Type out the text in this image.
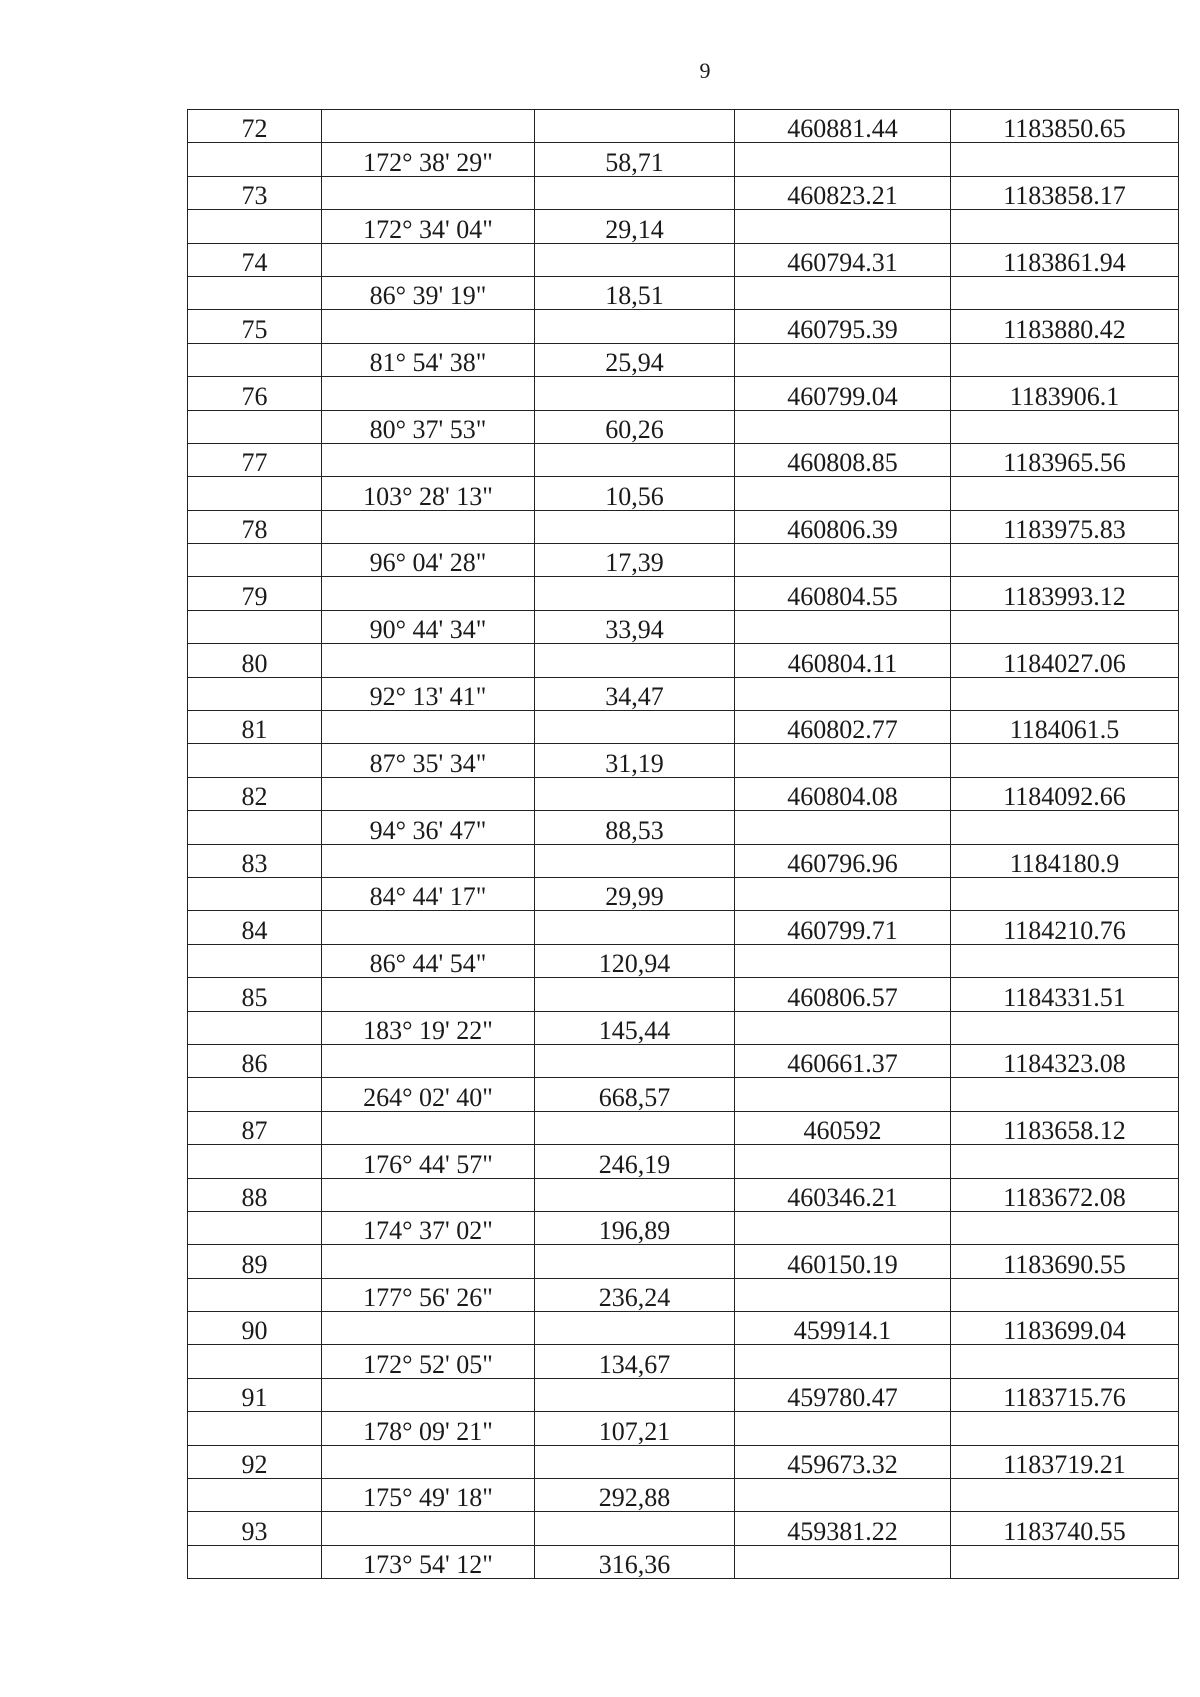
9
72			460881.44	1183850.65
	172° 38' 29"	58,71		
73			460823.21	1183858.17
	172° 34' 04"	29,14		
74			460794.31	1183861.94
	86° 39' 19"	18,51		
75			460795.39	1183880.42
	81° 54' 38"	25,94		
76			460799.04	1183906.1
	80° 37' 53"	60,26		
77			460808.85	1183965.56
	103° 28' 13"	10,56		
78			460806.39	1183975.83
	96° 04' 28"	17,39		
79			460804.55	1183993.12
	90° 44' 34"	33,94		
80			460804.11	1184027.06
	92° 13' 41"	34,47		
81			460802.77	1184061.5
	87° 35' 34"	31,19		
82			460804.08	1184092.66
	94° 36' 47"	88,53		
83			460796.96	1184180.9
	84° 44' 17"	29,99		
84			460799.71	1184210.76
	86° 44' 54"	120,94		
85			460806.57	1184331.51
	183° 19' 22"	145,44		
86			460661.37	1184323.08
	264° 02' 40"	668,57		
87			460592	1183658.12
	176° 44' 57"	246,19		
88			460346.21	1183672.08
	174° 37' 02"	196,89		
89			460150.19	1183690.55
	177° 56' 26"	236,24		
90			459914.1	1183699.04
	172° 52' 05"	134,67		
91			459780.47	1183715.76
	178° 09' 21"	107,21		
92			459673.32	1183719.21
	175° 49' 18"	292,88		
93			459381.22	1183740.55
	173° 54' 12"	316,36		
